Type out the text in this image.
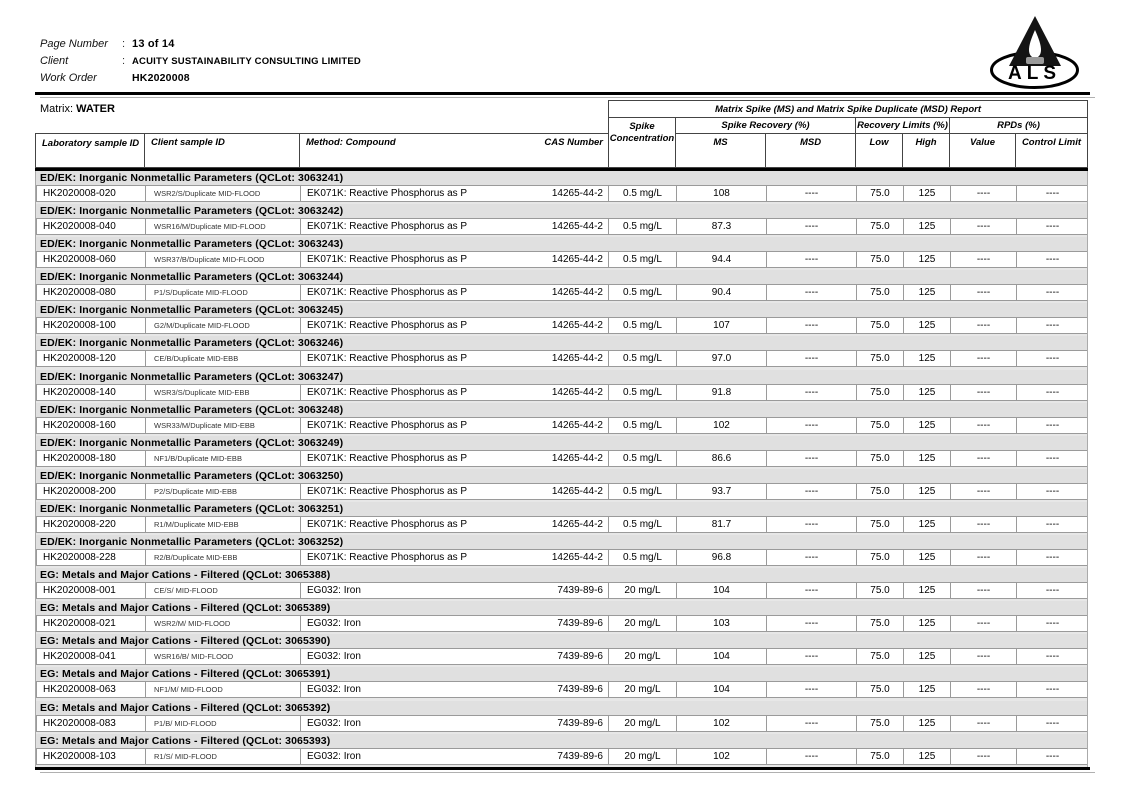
Page Number	: 13 of 14
Client	: ACUITY SUSTAINABILITY CONSULTING LIMITED
Work Order	HK2020008	ALS
Matrix: WATER	Matrix Spike (MS) and Matrix Spike Duplicate (MSD) Report
Spike
Concentration
Spike Recovery (%)	Recovery Limits (%)	RPDs (%)
MS	MSD	Low	High	Value	Control Limit
Laboratory sample ID	Client sample ID	Method: Compound	CAS Number
ED/EK: Inorganic Nonmetallic Parameters (QCLot: 3063241)
HK2020008-020	WSR2/S/Duplicate MID-FLOOD	EK071K: Reactive Phosphorus as P	14265-44-2	0.5 mg/L	108	----	75.0	125	----	----
ED/EK: Inorganic Nonmetallic Parameters (QCLot: 3063242)
HK2020008-040	WSR16/M/Duplicate MID-FLOOD	EK071K: Reactive Phosphorus as P	14265-44-2	0.5 mg/L	87.3	----	75.0	125	----	----
ED/EK: Inorganic Nonmetallic Parameters (QCLot: 3063243)
HK2020008-060	WSR37/B/Duplicate MID-FLOOD	EK071K: Reactive Phosphorus as P	14265-44-2	0.5 mg/L	94.4	----	75.0	125	----	----
ED/EK: Inorganic Nonmetallic Parameters (QCLot: 3063244)
HK2020008-080	P1/S/Duplicate MID-FLOOD	EK071K: Reactive Phosphorus as P	14265-44-2	0.5 mg/L	90.4	----	75.0	125	----	----
ED/EK: Inorganic Nonmetallic Parameters (QCLot: 3063245)
HK2020008-100	G2/M/Duplicate MID-FLOOD	EK071K: Reactive Phosphorus as P	14265-44-2	0.5 mg/L	107	----	75.0	125	----	----
ED/EK: Inorganic Nonmetallic Parameters (QCLot: 3063246)
HK2020008-120	CE/B/Duplicate MID-EBB	EK071K: Reactive Phosphorus as P	14265-44-2	0.5 mg/L	97.0	----	75.0	125	----	----
ED/EK: Inorganic Nonmetallic Parameters (QCLot: 3063247)
HK2020008-140	WSR3/S/Duplicate MID-EBB	EK071K: Reactive Phosphorus as P	14265-44-2	0.5 mg/L	91.8	----	75.0	125	----	----
ED/EK: Inorganic Nonmetallic Parameters (QCLot: 3063248)
HK2020008-160	WSR33/M/Duplicate MID-EBB	EK071K: Reactive Phosphorus as P	14265-44-2	0.5 mg/L	102	----	75.0	125	----	----
ED/EK: Inorganic Nonmetallic Parameters (QCLot: 3063249)
HK2020008-180	NF1/B/Duplicate MID-EBB	EK071K: Reactive Phosphorus as P	14265-44-2	0.5 mg/L	86.6	----	75.0	125	----	----
ED/EK: Inorganic Nonmetallic Parameters (QCLot: 3063250)
HK2020008-200	P2/S/Duplicate MID-EBB	EK071K: Reactive Phosphorus as P	14265-44-2	0.5 mg/L	93.7	----	75.0	125	----	----
ED/EK: Inorganic Nonmetallic Parameters (QCLot: 3063251)
HK2020008-220	R1/M/Duplicate MID-EBB	EK071K: Reactive Phosphorus as P	14265-44-2	0.5 mg/L	81.7	----	75.0	125	----	----
ED/EK: Inorganic Nonmetallic Parameters (QCLot: 3063252)
HK2020008-228	R2/B/Duplicate MID-EBB	EK071K: Reactive Phosphorus as P	14265-44-2	0.5 mg/L	96.8	----	75.0	125	----	----
EG: Metals and Major Cations - Filtered (QCLot: 3065388)
HK2020008-001	CE/S/ MID-FLOOD	EG032: Iron	7439-89-6	20 mg/L	104	----	75.0	125	----	----
EG: Metals and Major Cations - Filtered (QCLot: 3065389)
HK2020008-021	WSR2/M/ MID-FLOOD	EG032: Iron	7439-89-6	20 mg/L	103	----	75.0	125	----	----
EG: Metals and Major Cations - Filtered (QCLot: 3065390)
HK2020008-041	WSR16/B/ MID-FLOOD	EG032: Iron	7439-89-6	20 mg/L	104	----	75.0	125	----	----
EG: Metals and Major Cations - Filtered (QCLot: 3065391)
HK2020008-063	NF1/M/ MID-FLOOD	EG032: Iron	7439-89-6	20 mg/L	104	----	75.0	125	----	----
EG: Metals and Major Cations - Filtered (QCLot: 3065392)
HK2020008-083	P1/B/ MID-FLOOD	EG032: Iron	7439-89-6	20 mg/L	102	----	75.0	125	----	----
EG: Metals and Major Cations - Filtered (QCLot: 3065393)
HK2020008-103	R1/S/ MID-FLOOD	EG032: Iron	7439-89-6	20 mg/L	102	----	75.0	125	----	----
